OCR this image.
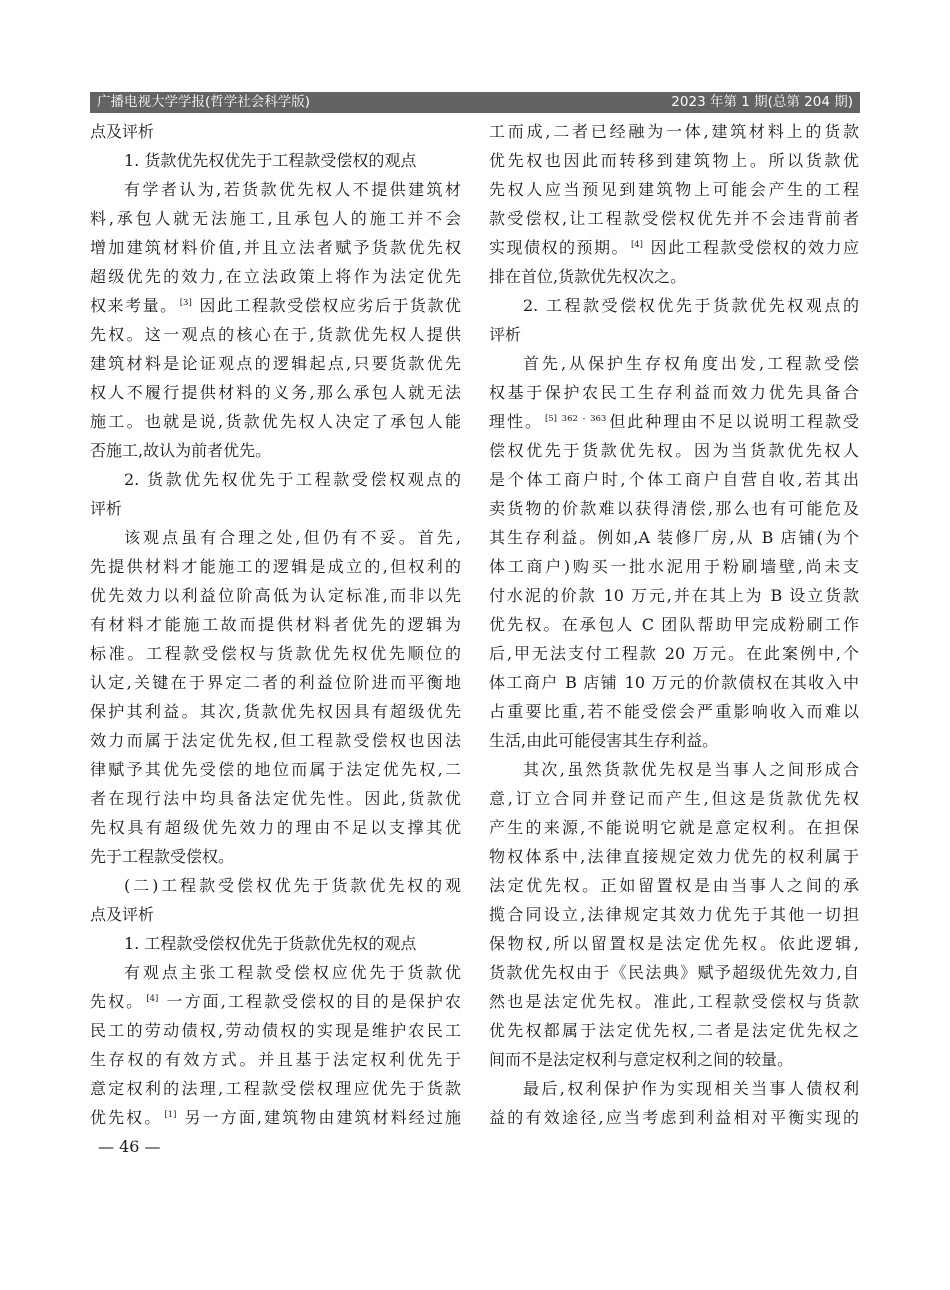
广播电视大学学报(哲学社会科学版)	2023 年第 1 期(总第 204 期)
点及评析
1. 货款优先权优先于工程款受偿权的观点
有学者认为,若货款优先权人不提供建筑材
料,承包人就无法施工,且承包人的施工并不会
增加建筑材料价值,并且立法者赋予货款优先权
超级优先的效力,在立法政策上将作为法定优先
权来考量。 [3] 因此工程款受偿权应劣后于货款优
先权。这一观点的核心在于,货款优先权人提供
建筑材料是论证观点的逻辑起点,只要货款优先
权人不履行提供材料的义务,那么承包人就无法
施工。也就是说,货款优先权人决定了承包人能
否施工,故认为前者优先。
2. 货款优先权优先于工程款受偿权观点的
评析
该观点虽有合理之处,但仍有不妥。首先,
先提供材料才能施工的逻辑是成立的,但权利的
优先效力以利益位阶高低为认定标准,而非以先
有材料才能施工故而提供材料者优先的逻辑为
标准。工程款受偿权与货款优先权优先顺位的
认定,关键在于界定二者的利益位阶进而平衡地
保护其利益。其次,货款优先权因具有超级优先
效力而属于法定优先权,但工程款受偿权也因法
律赋予其优先受偿的地位而属于法定优先权,二
者在现行法中均具备法定优先性。因此,货款优
先权具有超级优先效力的理由不足以支撑其优
先于工程款受偿权。
(二)工程款受偿权优先于货款优先权的观
点及评析
1. 工程款受偿权优先于货款优先权的观点
有观点主张工程款受偿权应优先于货款优
先权。 [4] 一方面,工程款受偿权的目的是保护农
民工的劳动债权,劳动债权的实现是维护农民工
生存权的有效方式。并且基于法定权利优先于
意定权利的法理,工程款受偿权理应优先于货款
优先权。 [1] 另一方面,建筑物由建筑材料经过施
工而成,二者已经融为一体,建筑材料上的货款
优先权也因此而转移到建筑物上。所以货款优
先权人应当预见到建筑物上可能会产生的工程
款受偿权,让工程款受偿权优先并不会违背前者
实现债权的预期。 [4] 因此工程款受偿权的效力应
排在首位,货款优先权次之。
2. 工程款受偿权优先于货款优先权观点的
评析
首先,从保护生存权角度出发,工程款受偿
权基于保护农民工生存利益而效力优先具备合
理性。 $^{[5] 362 - 363}$但此种理由不足以说明工程款受
偿权优先于货款优先权。因为当货款优先权人
是个体工商户时,个体工商户自营自收,若其出
卖货物的价款难以获得清偿,那么也有可能危及
其生存利益。例如,A 装修厂房,从 B 店铺(为个
体工商户)购买一批水泥用于粉刷墙壁,尚未支
付水泥的价款 10 万元,并在其上为 B 设立货款
优先权。在承包人 C 团队帮助甲完成粉刷工作
后,甲无法支付工程款 20 万元。在此案例中,个
体工商户 B 店铺 10 万元的价款债权在其收入中
占重要比重,若不能受偿会严重影响收入而难以
生活,由此可能侵害其生存利益。
其次,虽然货款优先权是当事人之间形成合
意,订立合同并登记而产生,但这是货款优先权
产生的来源,不能说明它就是意定权利。在担保
物权体系中,法律直接规定效力优先的权利属于
法定优先权。正如留置权是由当事人之间的承
揽合同设立,法律规定其效力优先于其他一切担
保物权,所以留置权是法定优先权。依此逻辑,
货款优先权由于《民法典》赋予超级优先效力,自
然也是法定优先权。准此,工程款受偿权与货款
优先权都属于法定优先权,二者是法定优先权之
间而不是法定权利与意定权利之间的较量。
最后,权利保护作为实现相关当事人债权利
益的有效途径,应当考虑到利益相对平衡实现的
— 46 —
